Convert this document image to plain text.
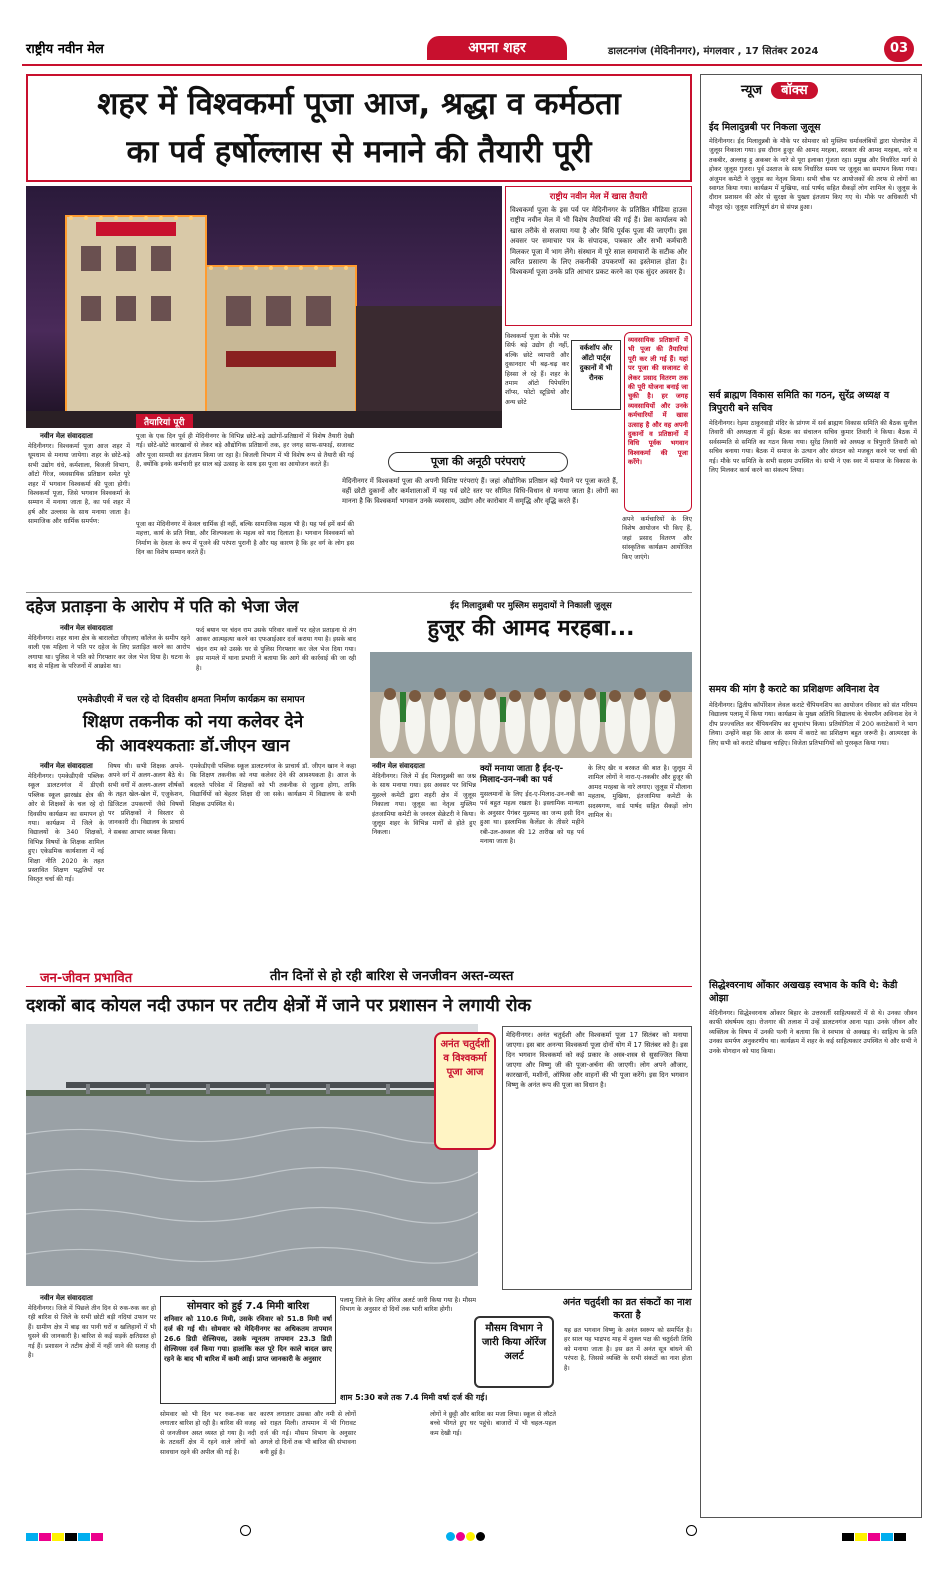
राष्ट्रीय नवीन मेल	अपना शहर	डालटनगंज (मेदिनीनगर), मंगलवार , 17 सितंबर 2024	03
शहर में विश्वकर्मा पूजा आज, श्रद्धा व कर्मठता
का पर्व हर्षोल्लास से मनाने की तैयारी पूरी
तैयारियां पूरी
राष्ट्रीय नवीन मेल में खास तैयारी
विश्वकर्मा पूजा के इस पर्व पर मेदिनीनगर के प्रतिष्ठित मीडिया हाउस राष्ट्रीय नवीन मेल में भी विशेष तैयारियां की गई हैं। प्रेस कार्यालय को खास तरीके से सजाया गया है और विधि पूर्वक पूजा की जाएगी। इस अवसर पर समाचार पत्र के संपादक, पत्रकार और सभी कर्मचारी मिलकर पूजा में भाग लेंगे। संस्थान में पूरे साल समाचारों के सटीक और त्वरित प्रसारण के लिए तकनीकी उपकरणों का इस्तेमाल होता है। विश्वकर्मा पूजा उनके प्रति आभार प्रकट करने का एक सुंदर अवसर है।
विश्वकर्मा पूजा के मौके पर सिर्फ बड़े उद्योग ही नहीं, बल्कि छोटे व्यापारी और दुकानदार भी बढ़-चढ़ कर हिस्सा ले रहे हैं। शहर के तमाम ऑटो पिपेयरिंग शॉप्स, फोटो स्टूडियो और अन्य छोटे
वर्कशॉप और ऑटो पार्ट्स दुकानों में भी रौनक
व्यवसायिक प्रतिष्ठानों में भी पूजा की तैयारियां पूरी कर ली गई हैं। यहां पर पूजा की सजावट से लेकर प्रसाद वितरण तक की पूरी योजना बनाई जा चुकी है। हर जगह व्यवसायियों और उनके कर्मचारियों में खास उत्साह है और वह अपनी दुकानों व प्रतिष्ठानों में विधि पूर्वक भगवान विश्वकर्मा की पूजा करेंगे।
नवीन मेल संवाददाता
मेदिनीनगर। विश्वकर्मा पूजा आज शहर में धूमधाम से मनाया जायेगा। शहर के छोटे-बड़े सभी उद्योग धंधे, कर्मशाला, बिजली विभाग, ऑटो गैरेज, व्यवसायिक प्रतिष्ठान समेत पूरे शहर में भगवान विश्वकर्मा की पूजा होगी। विश्वकर्मा पूजा, जिसे भगवान विश्वकर्मा के सम्मान में मनाया जाता है, का पर्व शहर में हर्ष और उल्लास के साथ मनाया जाता है। सामाजिक और धार्मिक समर्पण:
पूजा के एक दिन पूर्व ही मेदिनीनगर के विभिन्न छोटे-बड़े उद्योगों-प्रतिष्ठानों में विशेष तैयारी देखी गई। छोटे-छोटे कारखानों से लेकर बड़े औद्योगिक प्रतिष्ठानों तक, हर जगह साफ-सफाई, सजावट और पूजा सामग्री का इंतजाम किया जा रहा है। बिजली विभाग में भी विशेष रूप से तैयारी की गई है, क्योंकि इनके कर्मचारी हर साल बड़े उत्साह के साथ इस पूजा का आयोजन करते हैं।
पूजा का मेदिनीनगर में केवल धार्मिक ही नहीं, बल्कि सामाजिक महत्व भी है। यह पर्व हमें कर्म की महत्ता, कार्य के प्रति निष्ठा, और शिल्पकला के महत्व को याद दिलाता है। भगवान विश्वकर्मा को निर्माण के देवता के रूप में पूजने की परंपरा पुरानी है और यह कारण है कि हर वर्ग के लोग इस दिन का विशेष सम्मान करते हैं।
पूजा की अनूठी परंपराएं
मेदिनीनगर में विश्वकर्मा पूजा की अपनी विशिष्ट परंपराएं हैं। जहां औद्योगिक प्रतिष्ठान बड़े पैमाने पर पूजा करते हैं, वहीं छोटी दुकानों और कर्मशालाओं में यह पर्व छोटे स्तर पर सीमित विधि-विधान से मनाया जाता है। लोगों का मानना है कि विश्वकर्मा भगवान उनके व्यवसाय, उद्योग और कारोबार में समृद्धि और वृद्धि करते हैं।
अपने कर्मचारियों के लिए विशेष आयोजन भी किए हैं, जहां प्रसाद वितरण और सांस्कृतिक कार्यक्रम आयोजित किए जाएंगे।
दहेज प्रताड़ना के आरोप में पति को भेजा जेल
नवीन मेल संवाददाता
मेदिनीनगर। शहर थाना क्षेत्र के बारालोटा जीएलए कॉलेज के समीप रहने वाली एक महिला ने पति पर दहेज के लिए प्रताड़ित करने का आरोप लगाया था। पुलिस ने पति को गिरफ्तार कर जेल भेज दिया है। घटना के बाद से महिला के परिजनों में आक्रोश था।
फर्द बयान पर चंदन राम उसके परिवार वालों पर दहेज प्रताड़ना से तंग आकर आत्महत्या करने का एफआईआर दर्ज कराया गया है। इसके बाद चंदन राम को उसके घर से पुलिस गिरफ्तार कर जेल भेज दिया गया। इस मामले में थाना प्रभारी ने बताया कि आगे की कार्रवाई की जा रही है।
एमकेडीएवी में चल रहे दो दिवसीय क्षमता निर्माण कार्यक्रम का समापन
शिक्षण तकनीक को नया कलेवर देने
की आवश्यकताः डॉ.जीएन खान
नवीन मेल संवाददाता
मेदिनीनगर। एमकेडीएवी पब्लिक स्कूल डालटनगंज में डीएवी पब्लिक स्कूल झारखंड क्षेत्र की ओर से शिक्षकों के चल रहे दो दिवसीय कार्यक्रम का समापन हो गया। कार्यक्रम में जिले के विद्यालयों के 340 शिक्षकों, विभिन्न विषयों के शिक्षक शामिल हुए। एकेडमिक कार्यशाला में नई शिक्षा नीति 2020 के तहत प्रस्तावित शिक्षण पद्धतियों पर विस्तृत चर्चा की गई।
विषय थी। सभी शिक्षक अपने-अपने वर्ग में अलग-अलग बैठे थे। सभी वर्गों में अलग-अलग शीर्षकों के तहत खेल-खेल में, एजुकेशन, डिजिटल उपकरणों जैसे विषयों पर प्रशिक्षकों ने विस्तार से जानकारी दी। विद्यालय के प्राचार्य ने सबका आभार व्यक्त किया।
एमकेडीएवी पब्लिक स्कूल डालटनगंज के प्राचार्य डॉ. जीएन खान ने कहा कि शिक्षण तकनीक को नया कलेवर देने की आवश्यकता है। आज के बदलते परिवेश में शिक्षकों को भी तकनीक से जुड़ना होगा, ताकि विद्यार्थियों को बेहतर शिक्षा दी जा सके। कार्यक्रम में विद्यालय के सभी शिक्षक उपस्थित थे।
ईद मिलादुन्नबी पर मुस्लिम समुदायों ने निकाली जुलूस
हुजूर की आमद मरहबा...
नवीन मेल संवाददाता
मेदिनीनगर। जिले में ईद मिलादुन्नबी का जश्न के साथ मनाया गया। इस अवसर पर विभिन्न मुहल्ले कमेटी द्वारा शहरी क्षेत्र में जुलूस निकाला गया। जुलूस का नेतृत्व मुस्लिम इंतजामिया कमेटी के जनरल सेक्रेटरी ने किया। जुलूस शहर के विभिन्न मार्गों से होते हुए निकला।
क्यों मनाया जाता है ईद-ए-मिलाद-उन-नबी का पर्व
मुसलमानों के लिए ईद-ए-मिलाद-उन-नबी का पर्व बहुत महत्व रखता है। इस्लामिक मान्यता के अनुसार पैगंबर मुहम्मद का जन्म इसी दिन हुआ था। इस्लामिक कैलेंडर के तीसरे महीने रबी-उल-अव्वल की 12 तारीख को यह पर्व मनाया जाता है।
के लिए खैर व बरकत की बात है। जुलूस में शामिल लोगों ने नारा-ए-तकबीर और हुजूर की आमद मरहबा के नारे लगाए। जुलूस में मौलाना महताब, मुखिया, इंतजामिया कमेटी के सदस्यगण, वार्ड पार्षद सहित सैकड़ों लोग शामिल थे।
जन-जीवन प्रभावित	तीन दिनों से हो रही बारिश से जनजीवन अस्त-व्यस्त
दशकों बाद कोयल नदी उफान पर तटीय क्षेत्रों में जाने पर प्रशासन ने लगायी रोक
अनंत चतुर्दशी व विश्वकर्मा पूजा आज
मेदिनीनगर। अनंत चतुर्दशी और विश्वकर्मा पूजा 17 सितंबर को मनाया जाएगा। इस बार अनन्या विश्वकर्मा पूजा दोनों योग में 17 सितंबर को है। इस दिन भगवान विश्वकर्मा को कई प्रकार के अस्त्र-शस्त्र से सुसज्जित किया जाएगा और विष्णु जी की पूजा-अर्चना की जाएगी। लोग अपने औजार, कारखानों, मशीनों, ऑफिस और वाहनों की भी पूजा करेंगे। इस दिन भगवान विष्णु के अनंत रूप की पूजा का विधान है।
नवीन मेल संवाददाता
मेदिनीनगर। जिले में पिछले तीन दिन से रुक-रुक कर हो रही बारिश से जिले के सभी छोटी बड़ी नदियां उफान पर हैं। ग्रामीण क्षेत्र में बाढ़ का पानी घरों व खलिहानों में भी घुसने की जानकारी है। बारिश से कई सड़कें क्षतिग्रस्त हो गई हैं। प्रशासन ने तटीय क्षेत्रों में नहीं जाने की सलाह दी है।
सोमवार को हुई 7.4 मिमी बारिश
शनिवार को 110.6 मिमी, उसके रविवार को 51.8 मिमी वर्षा दर्ज की गई थी। सोमवार को मेदिनीनगर का अधिकतम तापमान 26.6 डिग्री सेल्सियस, उसके न्यूनतम तापमान 23.3 डिग्री सेल्सियस दर्ज किया गया। हालांकि कल पूरे दिन काले बादल छाए रहने के बाद भी बारिश में कमी आई। प्राप्त जानकारी के अनुसार
पलामू जिले के लिए ऑरेंज अलर्ट जारी किया गया है। मौसम विभाग के अनुसार दो दिनों तक भारी बारिश होगी।
मौसम विभाग ने जारी किया ऑरेंज अलर्ट
शाम 5:30 बजे तक 7.4 मिमी वर्षा दर्ज की गई।
सोमवार को भी दिन भर रुक-रुक कर लगातार बारिश हो रही है। बारिश की वजह से जनजीवन अस्त व्यस्त हो गया है। नदी के तटवर्ती क्षेत्र में रहने वाले लोगों को सावधान रहने की अपील की गई है।
कारण लगातार उसका और नमी से लोगों को राहत मिली। तापमान में भी गिरावट दर्ज की गई। मौसम विभाग के अनुसार अगले दो दिनों तक भी बारिश की संभावना बनी हुई है।
लोगों ने छुट्टी और बारिश का मजा लिया। स्कूल से लौटते बच्चे भीगते हुए घर पहुंचे। बाजारों में भी चहल-पहल कम देखी गई।
अनंत चतुर्दशी का व्रत संकटों का नाश करता है
यह व्रत भगवान विष्णु के अनंत स्वरूप को समर्पित है। हर साल यह भाद्रपद माह में शुक्ल पक्ष की चतुर्दशी तिथि को मनाया जाता है। इस व्रत में अनंत सूत्र बांधने की परंपरा है, जिससे व्यक्ति के सभी संकटों का नाश होता है।
न्यूज बॉक्स
ईद मिलादुन्नबी पर निकला जुलूस
मेदिनीनगर। ईद मिलादुन्नबी के मौके पर सोमवार को मुस्लिम धर्मावलंबियों द्वारा पोलपोल में जुलूस निकाला गया। इस दौरान हुजूर की आमद मरहबा, सरकार की आमद मरहबा, नारे व तकबीर, अल्लाह हु अकबर के नारे से पूरा इलाका गूंजता रहा। प्रमुख और निर्धारित मार्ग से होकर जुलूस गुजरा। पूर्व उस्ताज के साथ निर्धारित समय पर जुलूस का समापन किया गया। अंजुमन कमेटी ने जुलूस का नेतृत्व किया। सभी चौक पर आयोजकों की तरफ से लोगों का स्वागत किया गया। कार्यक्रम में मुखिया, वार्ड पार्षद सहित सैकड़ों लोग शामिल थे। जुलूस के दौरान प्रशासन की ओर से सुरक्षा के पुख्ता इंतजाम किए गए थे। मौके पर अधिकारी भी मौजूद रहे। जुलूस शांतिपूर्ण ढंग से संपन्न हुआ।
सर्व ब्राह्मण विकास समिति का गठन, सुरेंद्र अध्यक्ष व त्रिपुरारी बने सचिव
मेदिनीनगर। रेड़मा ठाकुरवाड़ी मंदिर के प्रांगण में सर्व ब्राह्मण विकास समिति की बैठक सुनील तिवारी की अध्यक्षता में हुई। बैठक का संचालन सचिव कुमार तिवारी ने किया। बैठक में सर्वसम्मति से समिति का गठन किया गया। सुरेंद्र तिवारी को अध्यक्ष व त्रिपुरारी तिवारी को सचिव बनाया गया। बैठक में समाज के उत्थान और संगठन को मजबूत करने पर चर्चा की गई। मौके पर समिति के सभी सदस्य उपस्थित थे। सभी ने एक स्वर में समाज के विकास के लिए मिलकर कार्य करने का संकल्प लिया।
समय की मांग है कराटे का प्रशिक्षणः अविनाश देव
मेदिनीनगर। द्वितीय कॉर्पोरेशन लेवल कराटे चैंपियनशिप का आयोजन रविवार को संत मरियम विद्यालय पलामू में किया गया। कार्यक्रम के मुख्य अतिथि विद्यालय के चेयरमैन अविनाश देव ने दीप प्रज्ज्वलित कर चैंपियनशिप का शुभारंभ किया। प्रतियोगिता में 200 कराटेकारों ने भाग लिया। उन्होंने कहा कि आज के समय में कराटे का प्रशिक्षण बहुत जरूरी है। आत्मरक्षा के लिए सभी को कराटे सीखना चाहिए। विजेता प्रतिभागियों को पुरस्कृत किया गया।
सिद्धेश्वरनाथ ओंकार अखखड़ स्वभाव के कवि थे: केडी ओझा
मेदिनीनगर। सिद्धेश्वरनाथ ओंकार बिहार के उत्तरवर्ती साहित्यकारों में से थे। उनका जीवन काफी संघर्षमय रहा। रोजगार की तलाश में उन्हें डालटनगंज आना पड़ा। उनके जीवन और व्यक्तित्व के विषय में उनकी पत्नी ने बताया कि वे स्वभाव से अक्खड़ थे। साहित्य के प्रति उनका समर्पण अनुकरणीय था। कार्यक्रम में शहर के कई साहित्यकार उपस्थित थे और सभी ने उनके योगदान को याद किया।
